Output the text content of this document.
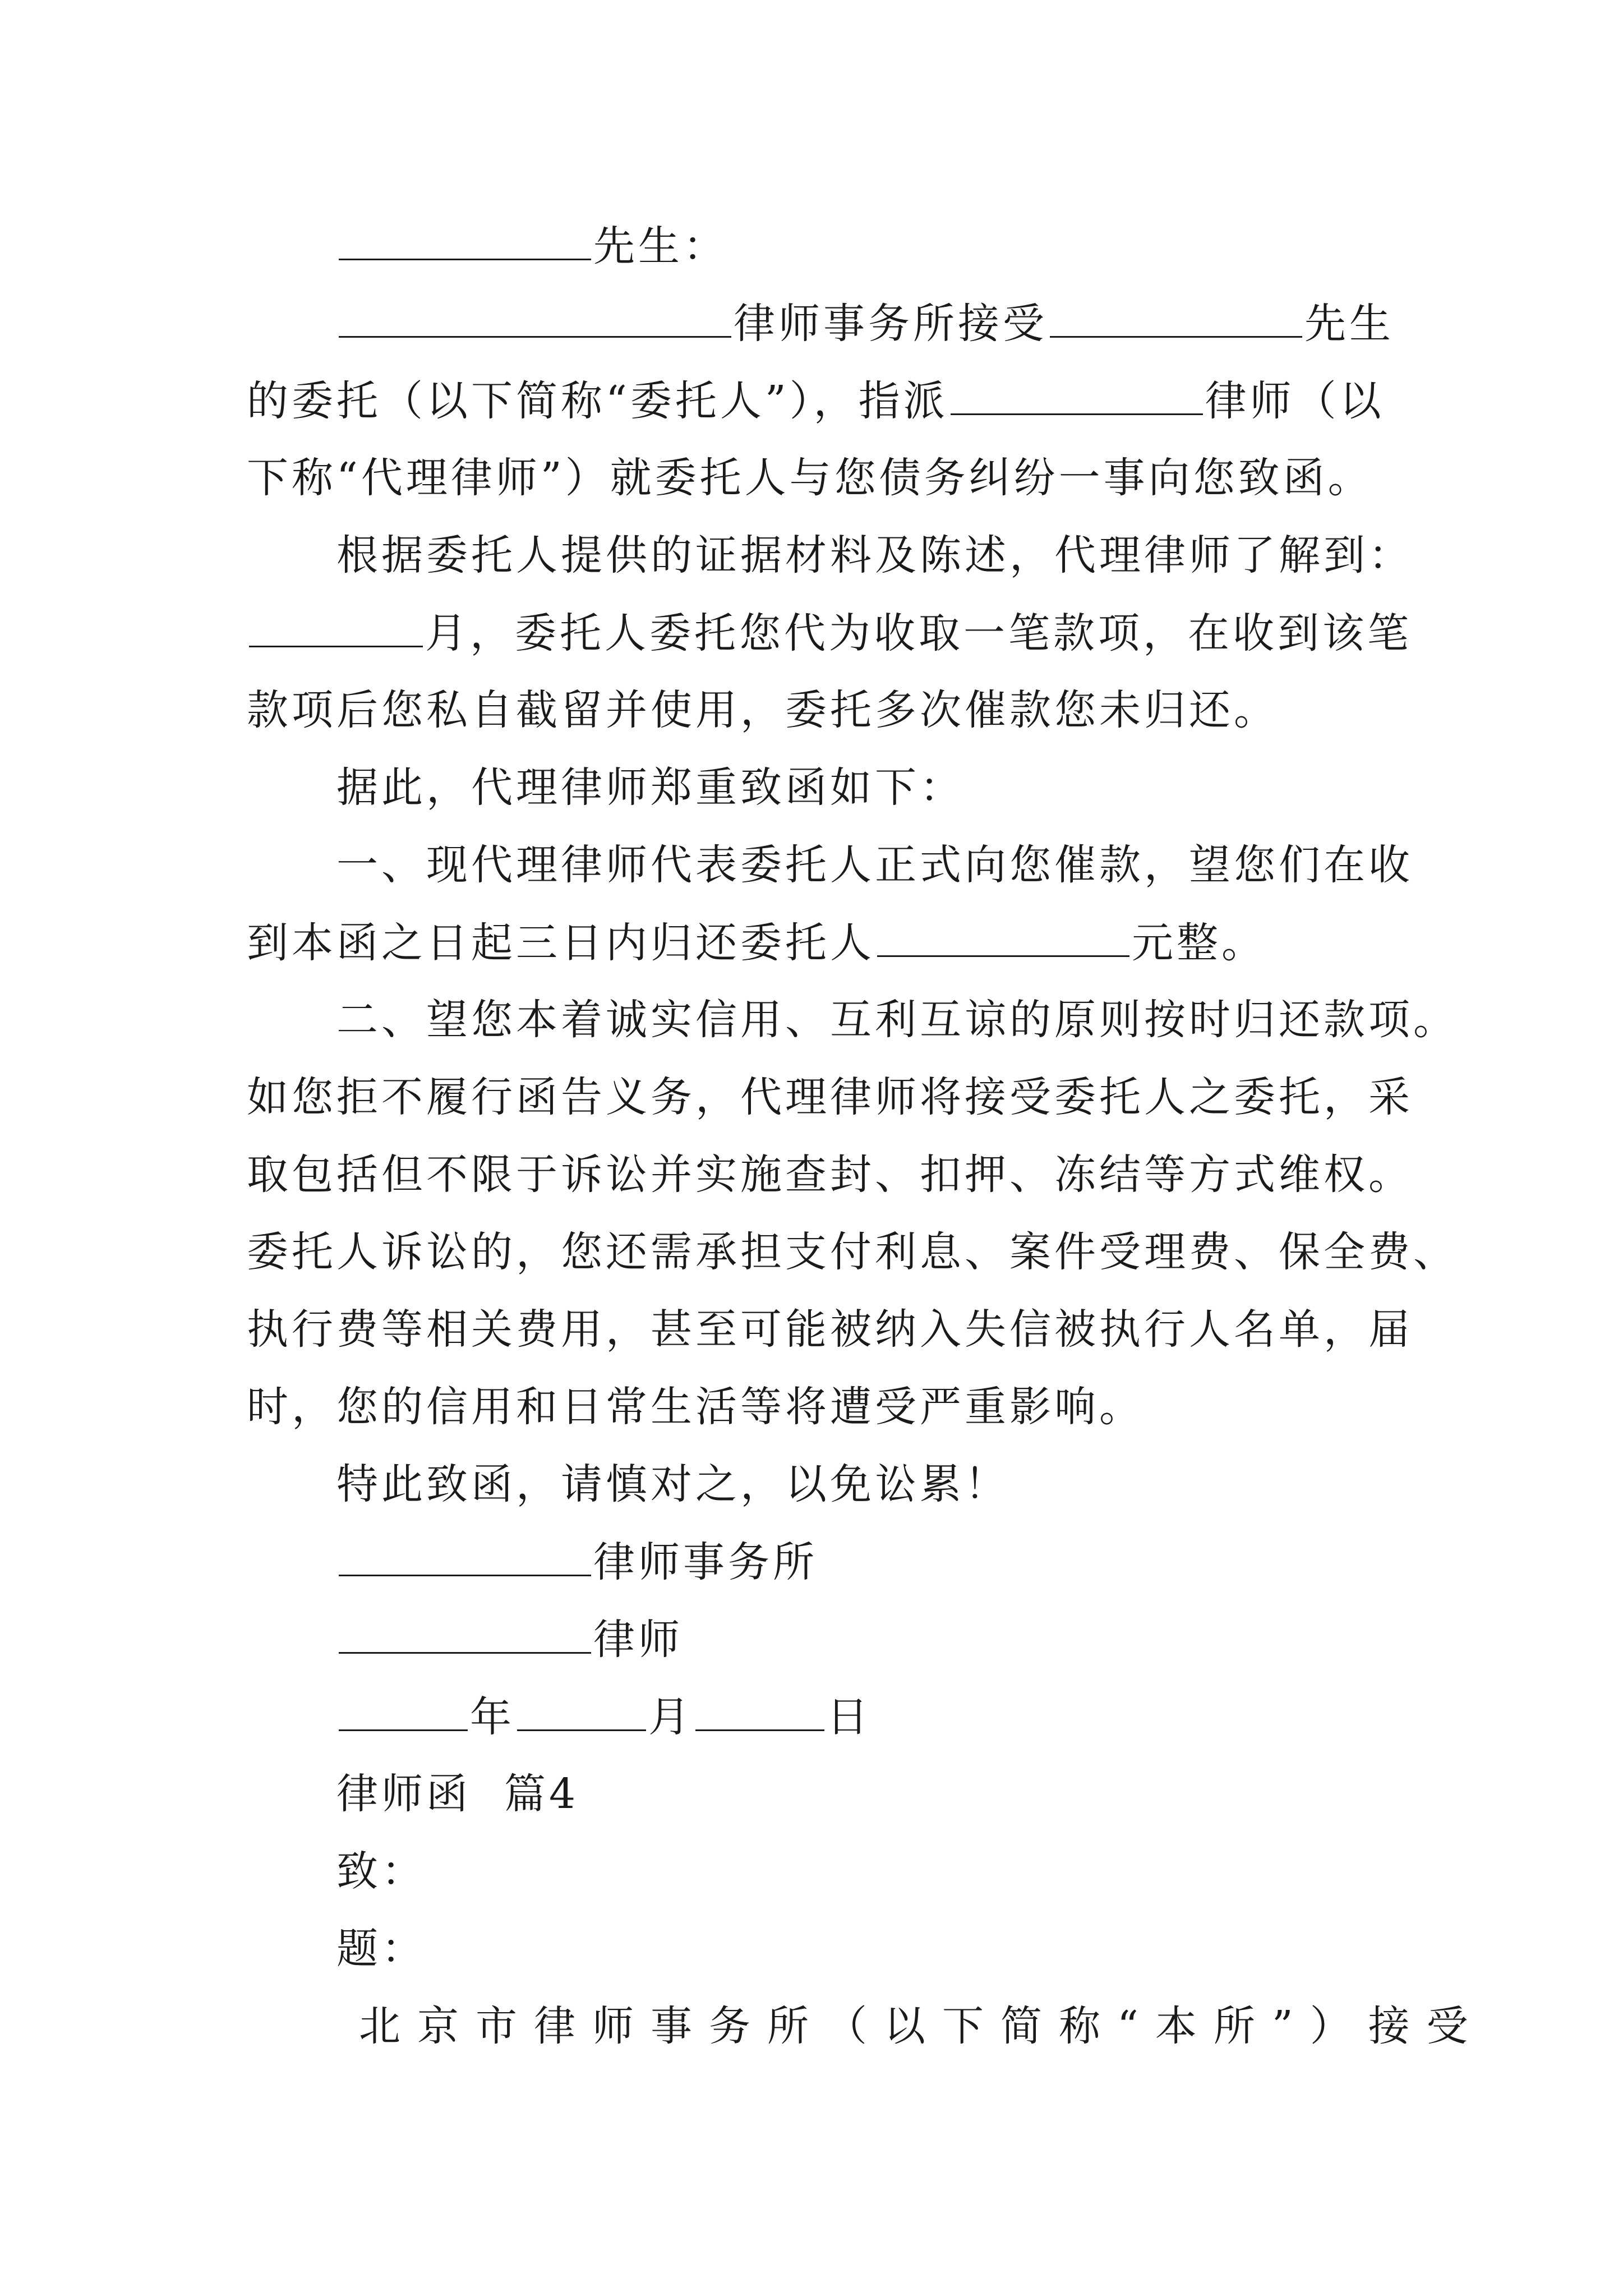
先生：
律师事务所接受	先生
的委托（以下简称“委托人”），指派	律师（以
下称“代理律师”）就委托人与您债务纠纷一事向您致函。
根据委托人提供的证据材料及陈述，代理律师了解到：
月，委托人委托您代为收取一笔款项，在收到该笔
款项后您私自截留并使用，委托多次催款您未归还。
据此，代理律师郑重致函如下：
一、现代理律师代表委托人正式向您催款，望您们在收
到本函之日起三日内归还委托人	元整。
二、望您本着诚实信用、互利互谅的原则按时归还款项。
如您拒不履行函告义务，代理律师将接受委托人之委托，采
取包括但不限于诉讼并实施查封、扣押、冻结等方式维权。
委托人诉讼的，您还需承担支付利息、案件受理费、保全费、
执行费等相关费用，甚至可能被纳入失信被执行人名单，届
时，您的信用和日常生活等将遭受严重影响。
特此致函，请慎对之，以免讼累！
律师事务所
律师
年	月	日
律师函  篇4
致：
题：
北京市律师事务所（以下简称“本所”）接受
